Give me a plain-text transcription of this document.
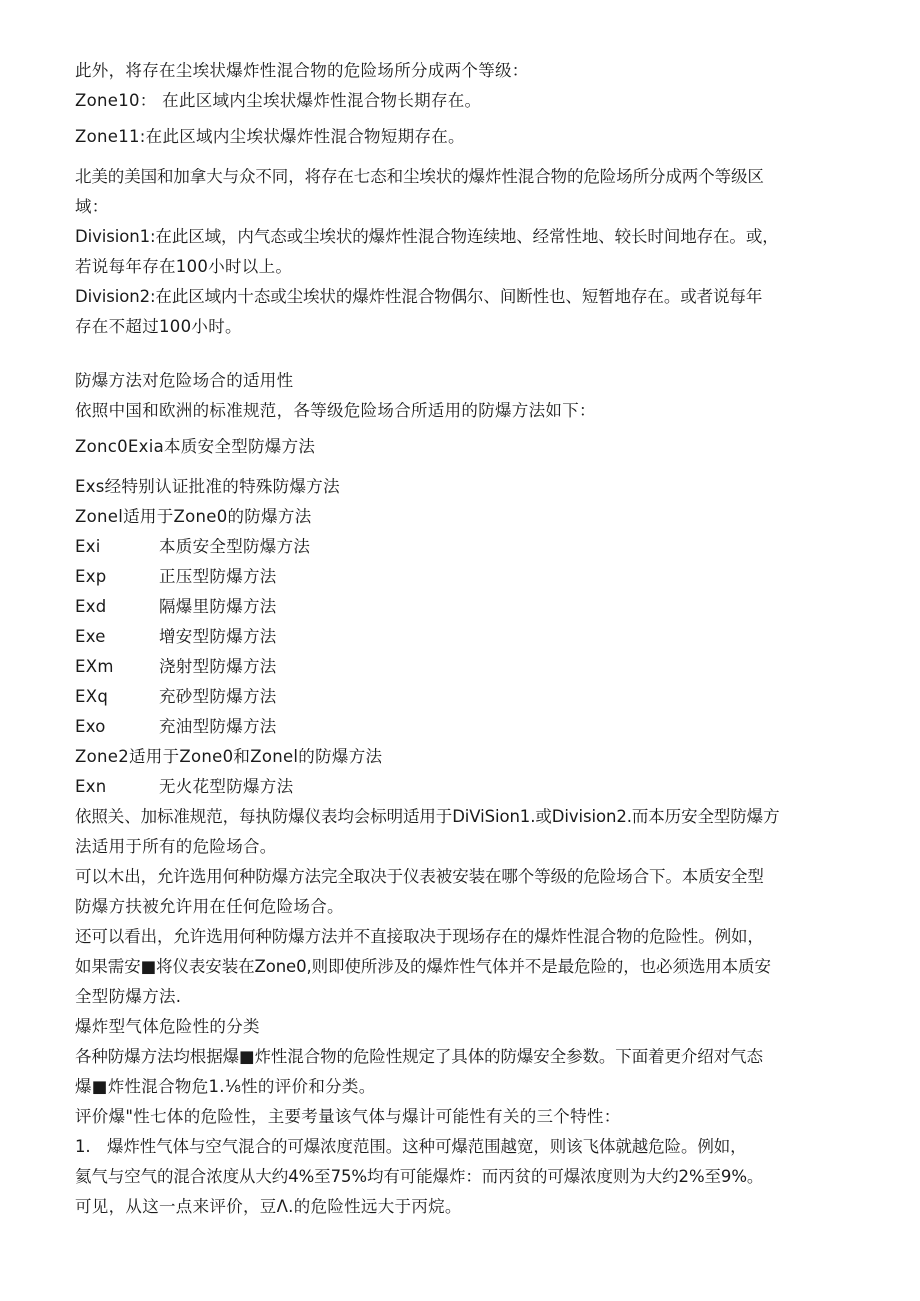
此外，将存在尘埃状爆炸性混合物的危险场所分成两个等级：
Zone10： 在此区域内尘埃状爆炸性混合物长期存在。
Zone11:在此区域内尘埃状爆炸性混合物短期存在。
北美的美国和加拿大与众不同，将存在七态和尘埃状的爆炸性混合物的危险场所分成两个等级区
域：
Division1:在此区域，内气态或尘埃状的爆炸性混合物连续地、经常性地、较长时间地存在。或，
若说每年存在100小时以上。
Division2:在此区域内十态或尘埃状的爆炸性混合物偶尔、间断性也、短暂地存在。或者说每年
存在不超过100小时。
防爆方法对危险场合的适用性
依照中国和欧洲的标准规范，各等级危险场合所适用的防爆方法如下：
Zonc0Exia本质安全型防爆方法
Exs经特别认证批准的特殊防爆方法
Zonel适用于Zone0的防爆方法
Exi	本质安全型防爆方法
Exp	正压型防爆方法
Exd	隔爆里防爆方法
Exe	增安型防爆方法
EXm	浇射型防爆方法
EXq	充砂型防爆方法
Exo	充油型防爆方法
Zone2适用于Zone0和Zonel的防爆方法
Exn	无火花型防爆方法
依照关、加标准规范，每执防爆仪表均会标明适用于DiViSion1.或Division2.而本历安全型防爆方
法适用于所有的危险场合。
可以木出，允许选用何种防爆方法完全取决于仪表被安装在哪个等级的危险场合下。本质安全型
防爆方扶被允许用在任何危险场合。
还可以看出，允许选用何种防爆方法并不直接取决于现场存在的爆炸性混合物的危险性。例如，
如果需安■将仪表安装在Zone0,则即使所涉及的爆炸性气体并不是最危险的，也必须选用本质安
全型防爆方法.
爆炸型气体危险性的分类
各种防爆方法均根据爆■炸性混合物的危险性规定了具体的防爆安全参数。下面着更介绍对气态
爆■炸性混合物危1.⅛性的评价和分类。
评价爆"性七体的危险性，主要考量该气体与爆计可能性有关的三个特性：
1.　爆炸性气体与空气混合的可爆浓度范围。这种可爆范围越宽，则该飞体就越危险。例如，
氦气与空气的混合浓度从大约4%至75%均有可能爆炸：而丙贫的可爆浓度则为大约2%至9%。
可见，从这一点来评价，豆Λ.的危险性远大于丙烷。
